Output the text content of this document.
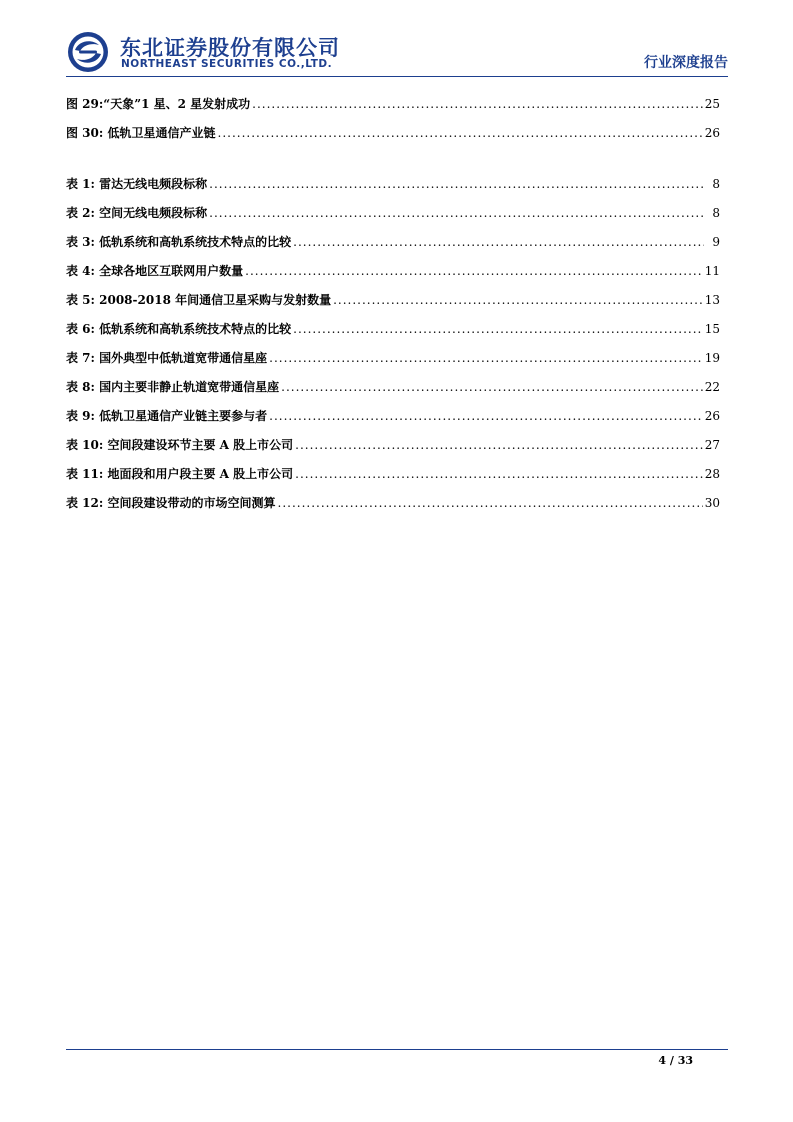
东北证券股份有限公司
NORTHEAST SECURITIES CO.,LTD.	行业深度报告
图 29:“天象”1 星、2 星发射成功 .....	25
图 30: 低轨卫星通信产业链 .....	26
表 1: 雷达无线电频段标称 .....	8
表 2: 空间无线电频段标称 .....	8
表 3: 低轨系统和高轨系统技术特点的比较 .....	9
表 4: 全球各地区互联网用户数量 .....	11
表 5: 2008-2018 年间通信卫星采购与发射数量 .....	13
表 6: 低轨系统和高轨系统技术特点的比较 .....	15
表 7: 国外典型中低轨道宽带通信星座 .....	19
表 8: 国内主要非静止轨道宽带通信星座 .....	22
表 9: 低轨卫星通信产业链主要参与者 .....	26
表 10: 空间段建设环节主要 A 股上市公司 .....	27
表 11: 地面段和用户段主要 A 股上市公司 .....	28
表 12: 空间段建设带动的市场空间测算 .....	30
4 / 33
